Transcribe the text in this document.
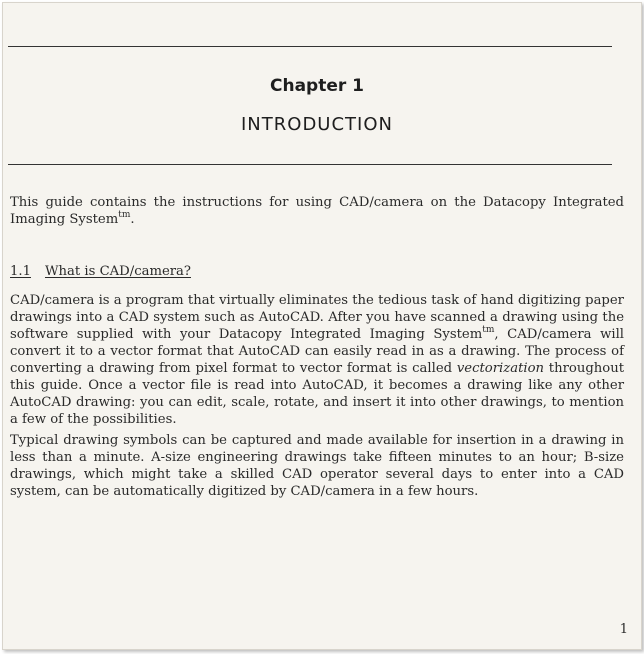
Chapter 1
INTRODUCTION

This guide contains the instructions for using CAD/camera on the Datacopy Integrated Imaging System$^{tm}$.

1.1 What is CAD/camera?

CAD/camera is a program that virtually eliminates the tedious task of hand digitizing paper drawings into a CAD system such as AutoCAD. After you have scanned a drawing using the software supplied with your Datacopy Integrated Imaging System$^{tm}$, CAD/camera will convert it to a vector format that AutoCAD can easily read in as a drawing. The process of converting a drawing from pixel format to vector format is called vectorization throughout this guide. Once a vector file is read into AutoCAD, it becomes a drawing like any other AutoCAD drawing: you can edit, scale, rotate, and insert it into other drawings, to mention a few of the possibilities.

Typical drawing symbols can be captured and made available for insertion in a drawing in less than a minute. A-size engineering drawings take fifteen minutes to an hour; B-size drawings, which might take a skilled CAD operator several days to enter into a CAD system, can be automatically digitized by CAD/camera in a few hours.

1
